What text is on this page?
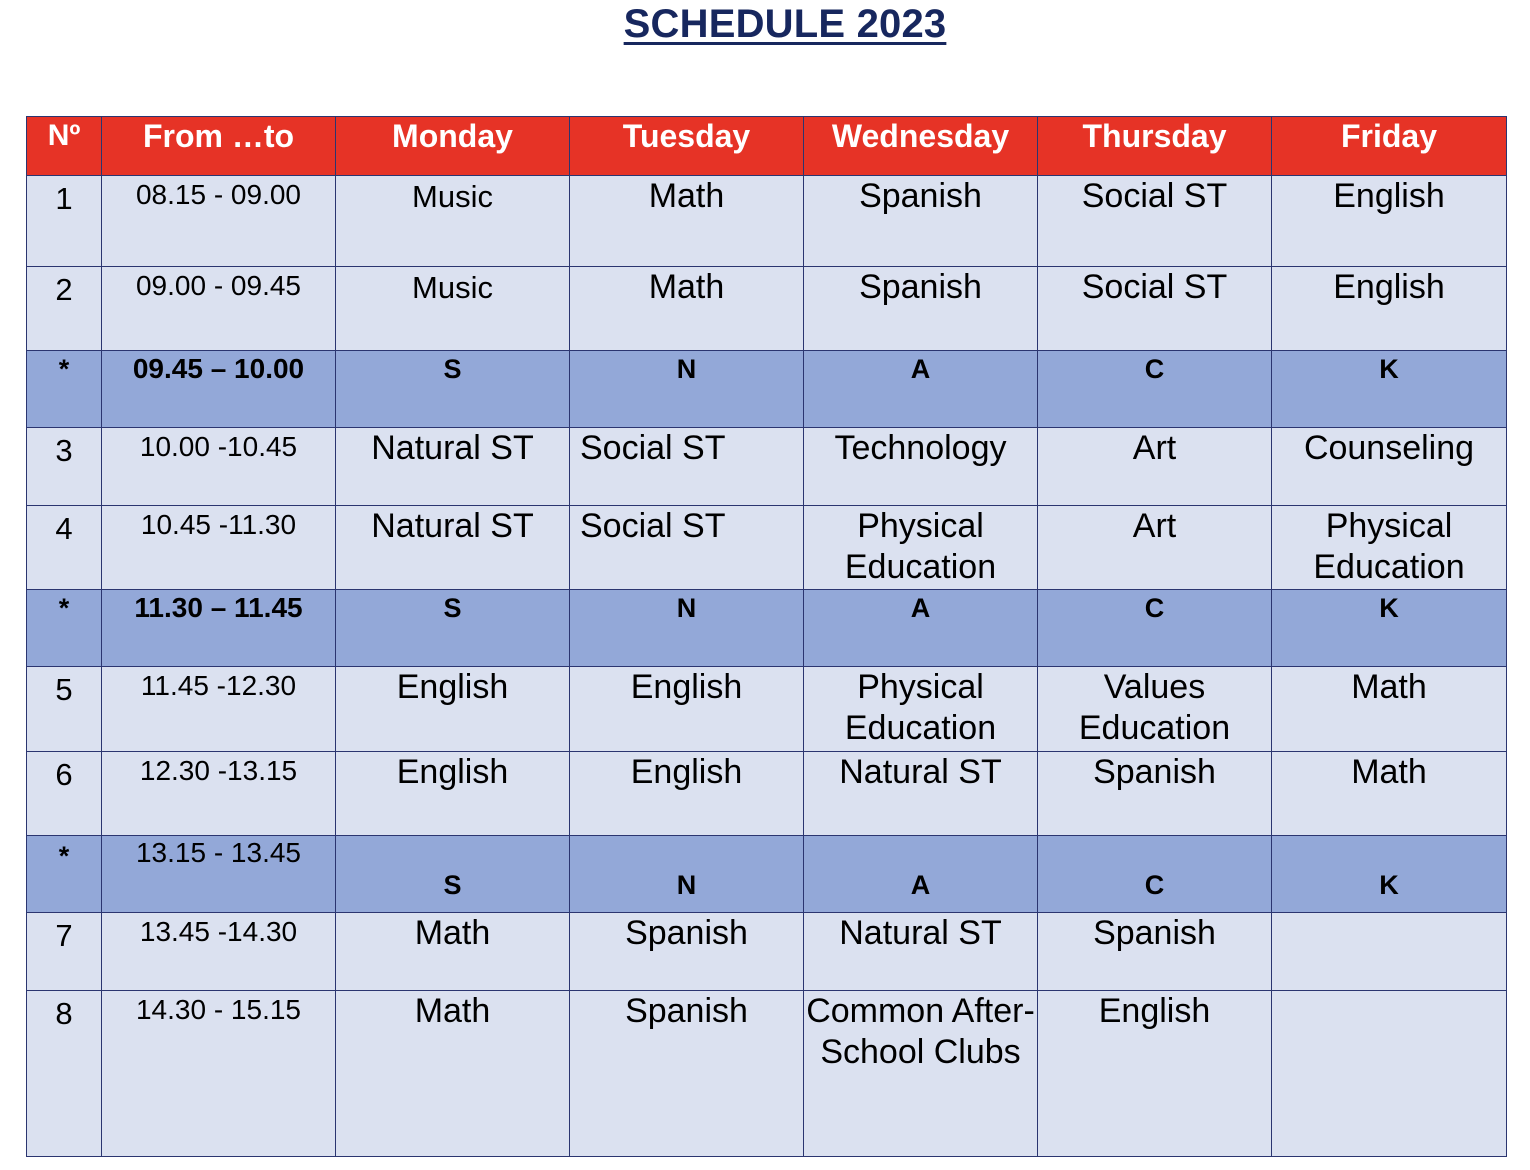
SCHEDULE 2023
Nº	From …to	Monday	Tuesday	Wednesday	Thursday	Friday
1	08.15 - 09.00	Music	Math	Spanish	Social ST	English
2	09.00 - 09.45	Music	Math	Spanish	Social ST	English
*	09.45 – 10.00	S	N	A	C	K
3	10.00 -10.45	Natural ST	Social ST	Technology	Art	Counseling
4	10.45 -11.30	Natural ST	Social ST	Physical Education	Art	Physical Education
*	11.30 – 11.45	S	N	A	C	K
5	11.45 -12.30	English	English	Physical Education	Values Education	Math
6	12.30 -13.15	English	English	Natural ST	Spanish	Math
*	13.15 - 13.45	S	N	A	C	K
7	13.45 -14.30	Math	Spanish	Natural ST	Spanish	
8	14.30 - 15.15	Math	Spanish	Common After-School Clubs	English	
